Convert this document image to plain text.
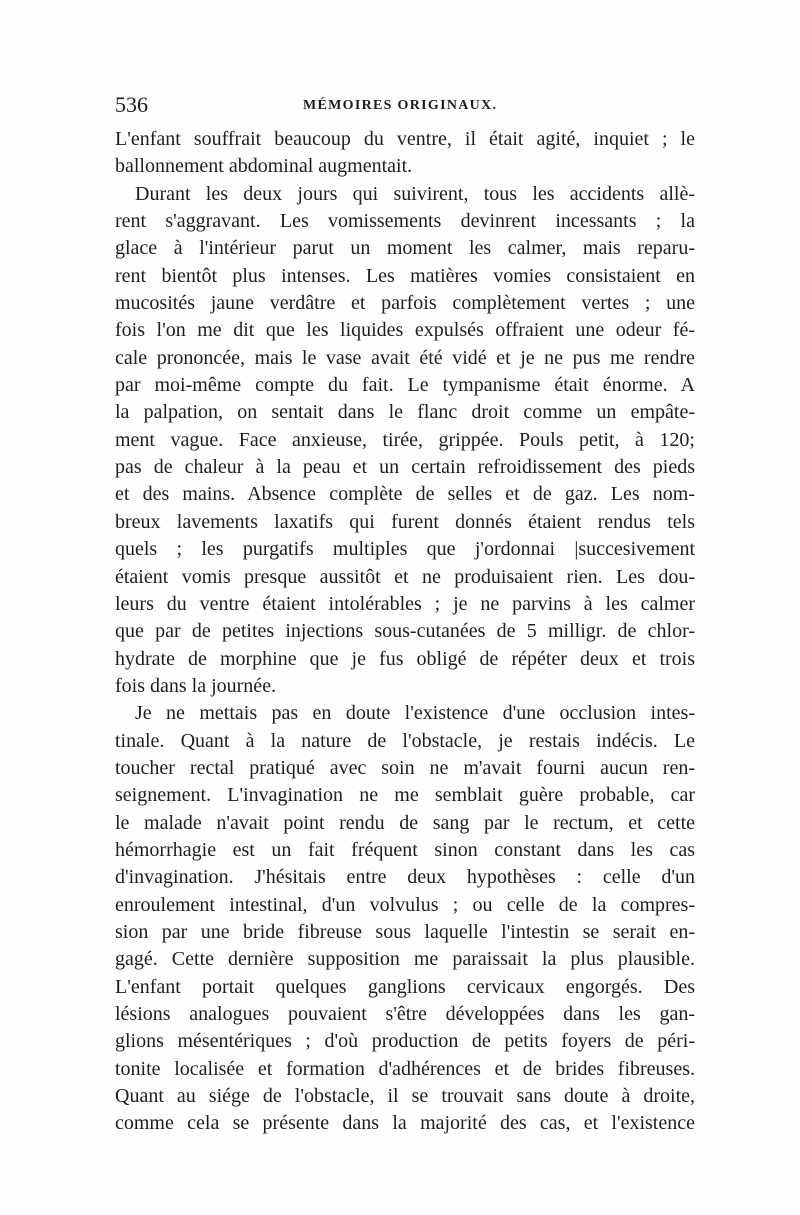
536	MÉMOIRES ORIGINAUX.
L'enfant souffrait beaucoup du ventre, il était agité, inquiet ; le
ballonnement abdominal augmentait.
Durant les deux jours qui suivirent, tous les accidents allè-
rent s'aggravant. Les vomissements devinrent incessants ; la
glace à l'intérieur parut un moment les calmer, mais reparu-
rent bientôt plus intenses. Les matières vomies consistaient en
mucosités jaune verdâtre et parfois complètement vertes ; une
fois l'on me dit que les liquides expulsés offraient une odeur fé-
cale prononcée, mais le vase avait été vidé et je ne pus me rendre
par moi-même compte du fait. Le tympanisme était énorme. A
la palpation, on sentait dans le flanc droit comme un empâte-
ment vague. Face anxieuse, tirée, grippée. Pouls petit, à 120;
pas de chaleur à la peau et un certain refroidissement des pieds
et des mains. Absence complète de selles et de gaz. Les nom-
breux lavements laxatifs qui furent donnés étaient rendus tels
quels ; les purgatifs multiples que j'ordonnai |succesivement
étaient vomis presque aussitôt et ne produisaient rien. Les dou-
leurs du ventre étaient intolérables ; je ne parvins à les calmer
que par de petites injections sous-cutanées de 5 milligr. de chlor-
hydrate de morphine que je fus obligé de répéter deux et trois
fois dans la journée.
Je ne mettais pas en doute l'existence d'une occlusion intes-
tinale. Quant à la nature de l'obstacle, je restais indécis. Le
toucher rectal pratiqué avec soin ne m'avait fourni aucun ren-
seignement. L'invagination ne me semblait guère probable, car
le malade n'avait point rendu de sang par le rectum, et cette
hémorrhagie est un fait fréquent sinon constant dans les cas
d'invagination. J'hésitais entre deux hypothèses : celle d'un
enroulement intestinal, d'un volvulus ; ou celle de la compres-
sion par une bride fibreuse sous laquelle l'intestin se serait en-
gagé. Cette dernière supposition me paraissait la plus plausible.
L'enfant portait quelques ganglions cervicaux engorgés. Des
lésions analogues pouvaient s'être développées dans les gan-
glions mésentériques ; d'où production de petits foyers de péri-
tonite localisée et formation d'adhérences et de brides fibreuses.
Quant au siége de l'obstacle, il se trouvait sans doute à droite,
comme cela se présente dans la majorité des cas, et l'existence
